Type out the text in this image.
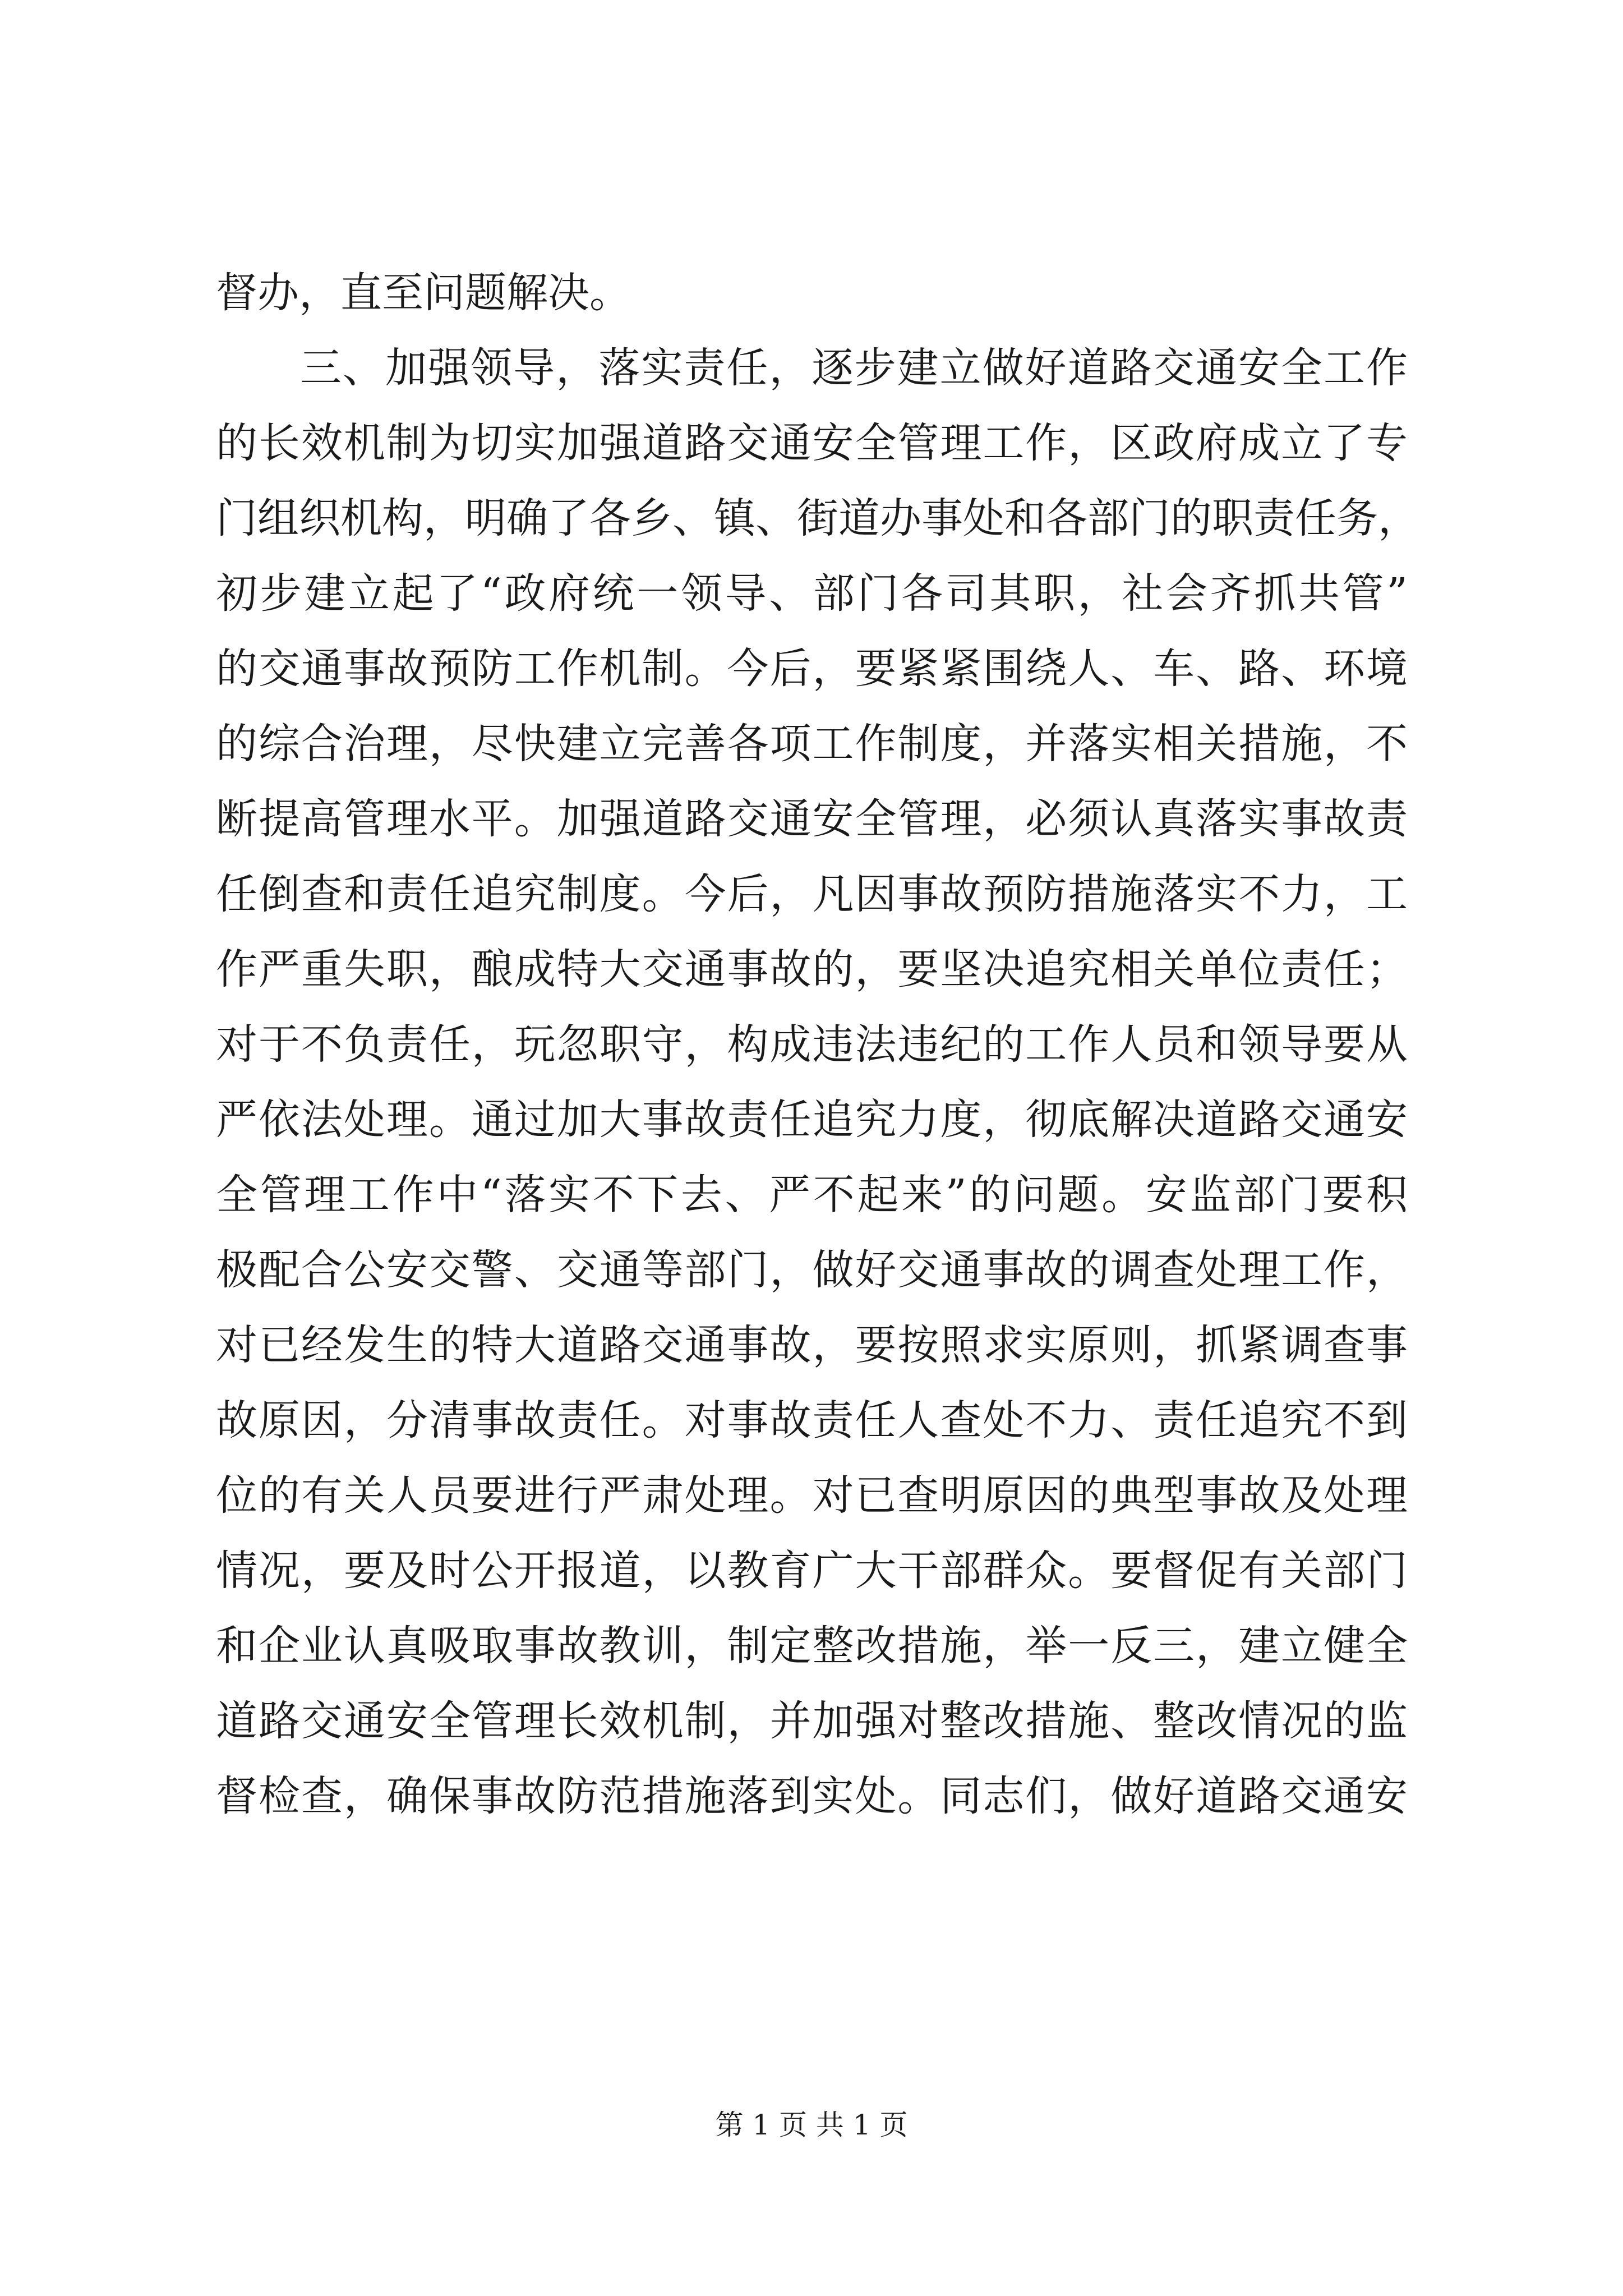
督办，直至问题解决。
三、加强领导，落实责任，逐步建立做好道路交通安全工作
的长效机制为切实加强道路交通安全管理工作，区政府成立了专
门组织机构，明确了各乡、镇、街道办事处和各部门的职责任务，
初步建立起了“政府统一领导、部门各司其职，社会齐抓共管”
的交通事故预防工作机制。今后，要紧紧围绕人、车、路、环境
的综合治理，尽快建立完善各项工作制度，并落实相关措施，不
断提高管理水平。加强道路交通安全管理，必须认真落实事故责
任倒查和责任追究制度。今后，凡因事故预防措施落实不力，工
作严重失职，酿成特大交通事故的，要坚决追究相关单位责任；
对于不负责任，玩忽职守，构成违法违纪的工作人员和领导要从
严依法处理。通过加大事故责任追究力度，彻底解决道路交通安
全管理工作中“落实不下去、严不起来”的问题。安监部门要积
极配合公安交警、交通等部门，做好交通事故的调查处理工作，
对已经发生的特大道路交通事故，要按照求实原则，抓紧调查事
故原因，分清事故责任。对事故责任人查处不力、责任追究不到
位的有关人员要进行严肃处理。对已查明原因的典型事故及处理
情况，要及时公开报道，以教育广大干部群众。要督促有关部门
和企业认真吸取事故教训，制定整改措施，举一反三，建立健全
道路交通安全管理长效机制，并加强对整改措施、整改情况的监
督检查，确保事故防范措施落到实处。同志们，做好道路交通安
第 1 页 共 1 页
